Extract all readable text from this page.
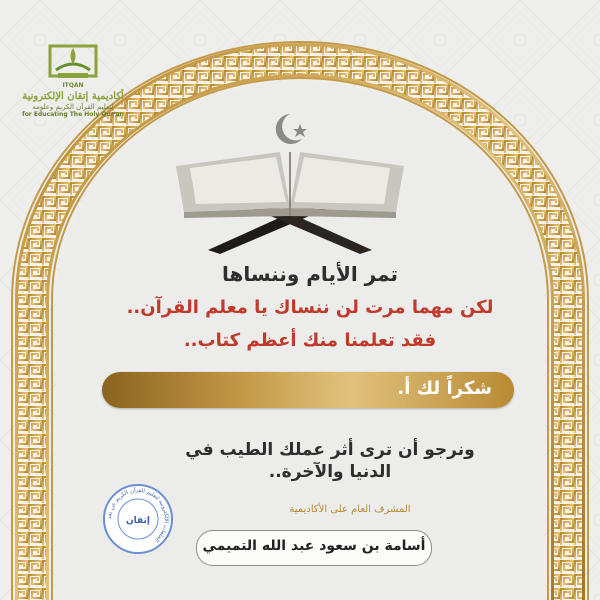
ITQAN
أكاديمية إتقان الإلكترونية
لتعليم القرآن الكريم وعلومه
for Educating The Holy Qur'an
تمر الأيام وننساها
لكن مهما مرت لن ننساك يا معلم القرآن..
فقد تعلمنا منك أعظم كتاب..
شكراً لك أ.
ونرجو أن ترى أثر عملك الطيب في
الدنيا والآخرة..
الحلقات الإلكترونية لتعليم القرآن الكريم عن بعد
إتقان
المشرف العام على الأكاديمية
أسامة بن سعود عبد الله التميمي
